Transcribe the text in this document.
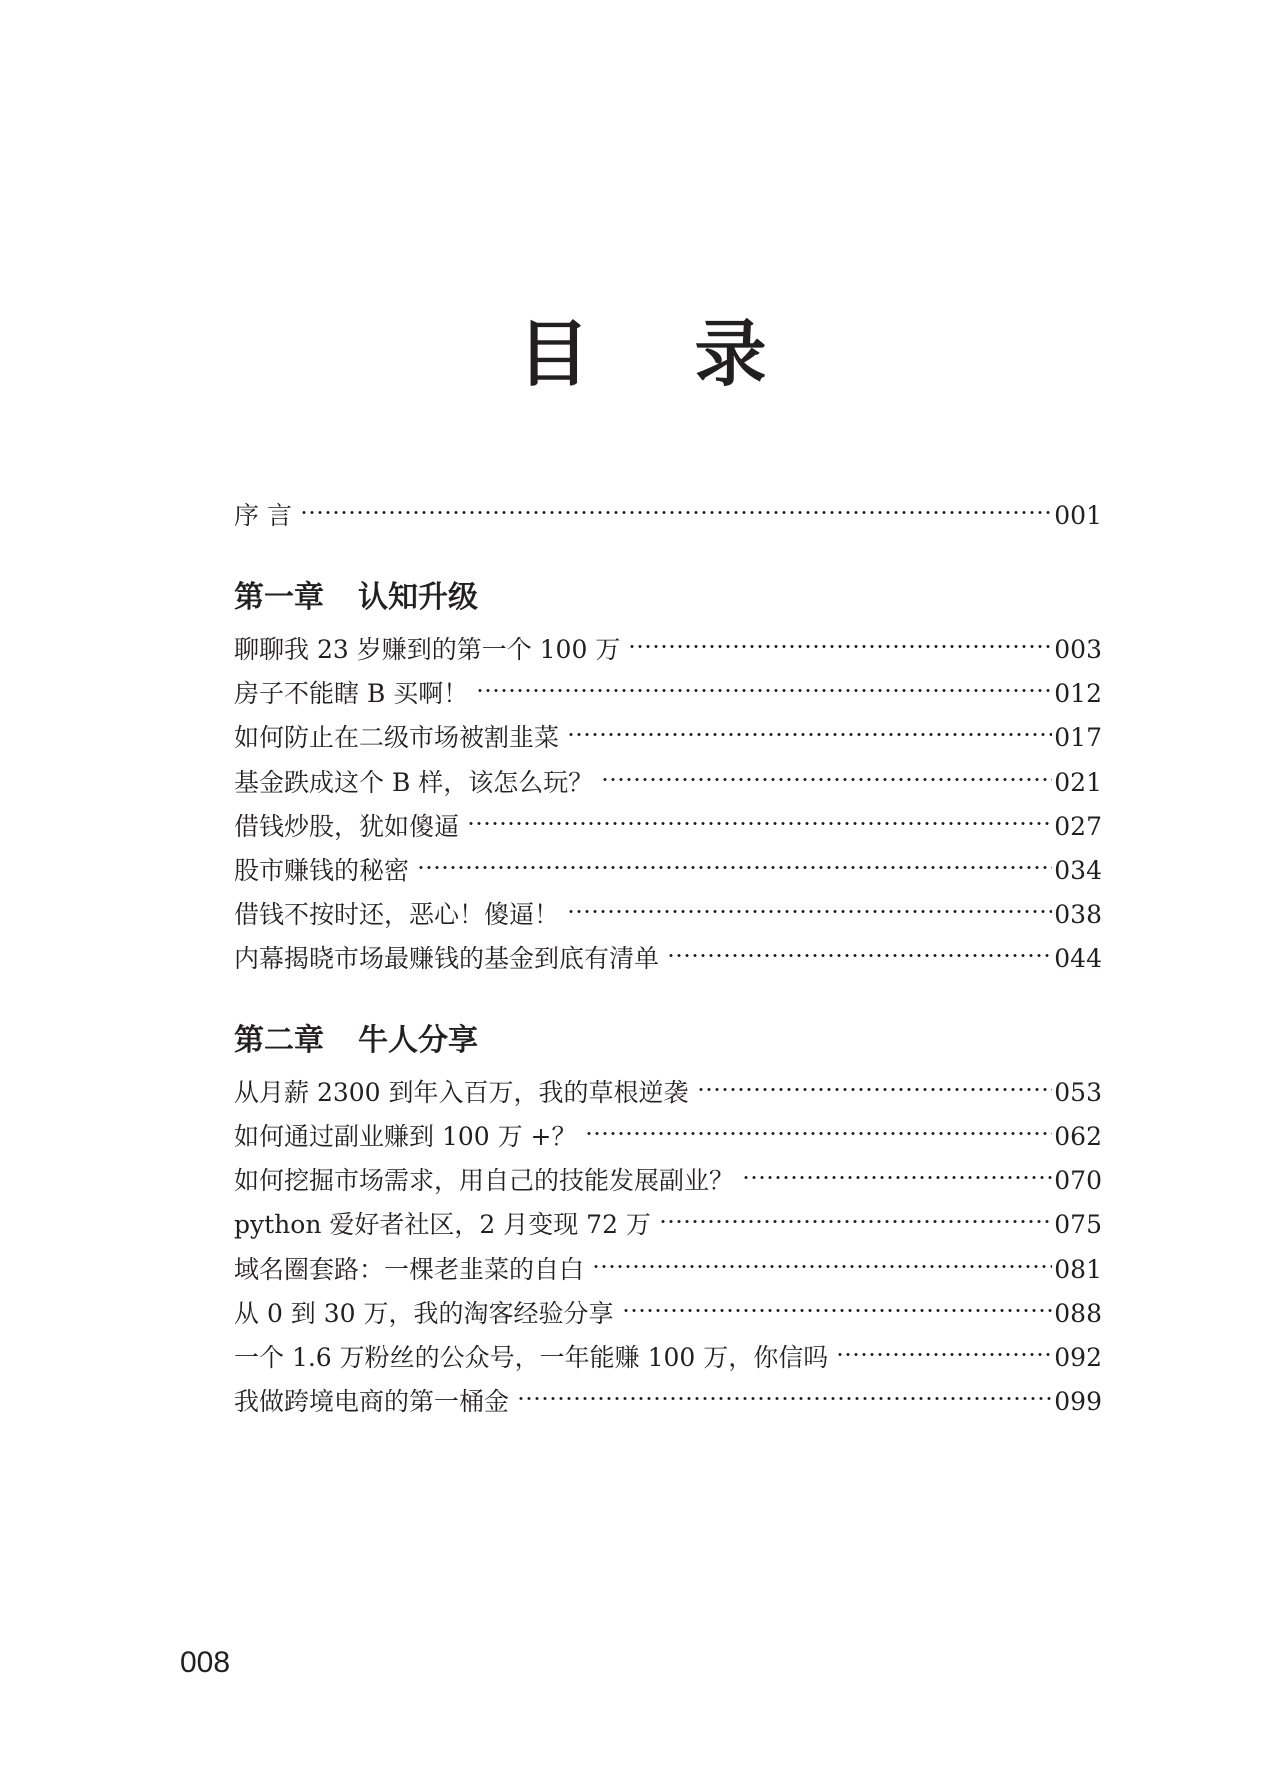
目 录
序 言	001
第一章 认知升级
聊聊我 23 岁赚到的第一个 100 万	003
房子不能瞎 B 买啊！	012
如何防止在二级市场被割韭菜	017
基金跌成这个 B 样，该怎么玩？	021
借钱炒股，犹如傻逼	027
股市赚钱的秘密	034
借钱不按时还，恶心！傻逼！	038
内幕揭晓市场最赚钱的基金到底有清单	044
第二章 牛人分享
从月薪 2300 到年入百万，我的草根逆袭	053
如何通过副业赚到 100 万 +？	062
如何挖掘市场需求，用自己的技能发展副业？	070
python 爱好者社区，2 月变现 72 万	075
域名圈套路：一棵老韭菜的自白	081
从 0 到 30 万，我的淘客经验分享	088
一个 1.6 万粉丝的公众号，一年能赚 100 万，你信吗	092
我做跨境电商的第一桶金	099
008
